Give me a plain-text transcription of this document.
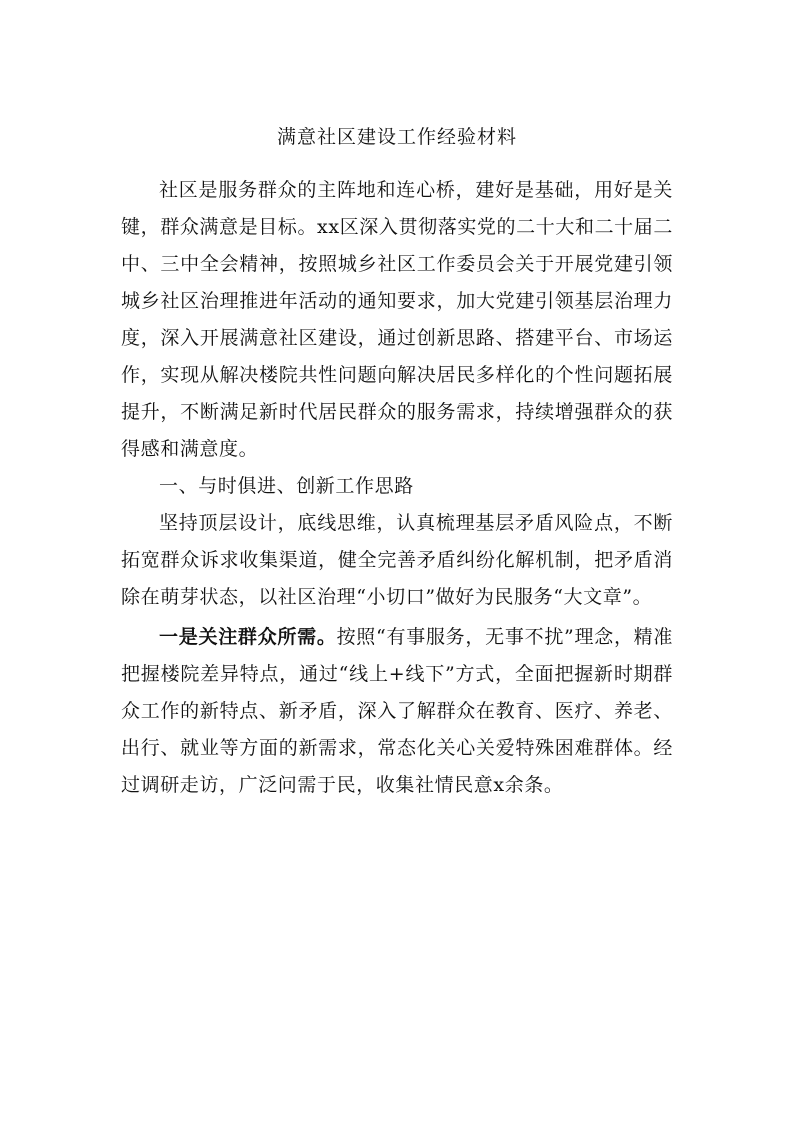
满意社区建设工作经验材料

社区是服务群众的主阵地和连心桥，建好是基础，用好是关键，群众满意是目标。xx区深入贯彻落实党的二十大和二十届二中、三中全会精神，按照城乡社区工作委员会关于开展党建引领城乡社区治理推进年活动的通知要求，加大党建引领基层治理力度，深入开展满意社区建设，通过创新思路、搭建平台、市场运作，实现从解决楼院共性问题向解决居民多样化的个性问题拓展提升，不断满足新时代居民群众的服务需求，持续增强群众的获得感和满意度。

一、与时俱进、创新工作思路

坚持顶层设计，底线思维，认真梳理基层矛盾风险点，不断拓宽群众诉求收集渠道，健全完善矛盾纠纷化解机制，把矛盾消除在萌芽状态，以社区治理“小切口”做好为民服务“大文章”。

一是关注群众所需。按照“有事服务，无事不扰”理念，精准把握楼院差异特点，通过“线上+线下”方式，全面把握新时期群众工作的新特点、新矛盾，深入了解群众在教育、医疗、养老、出行、就业等方面的新需求，常态化关心关爱特殊困难群体。经过调研走访，广泛问需于民，收集社情民意x余条。
